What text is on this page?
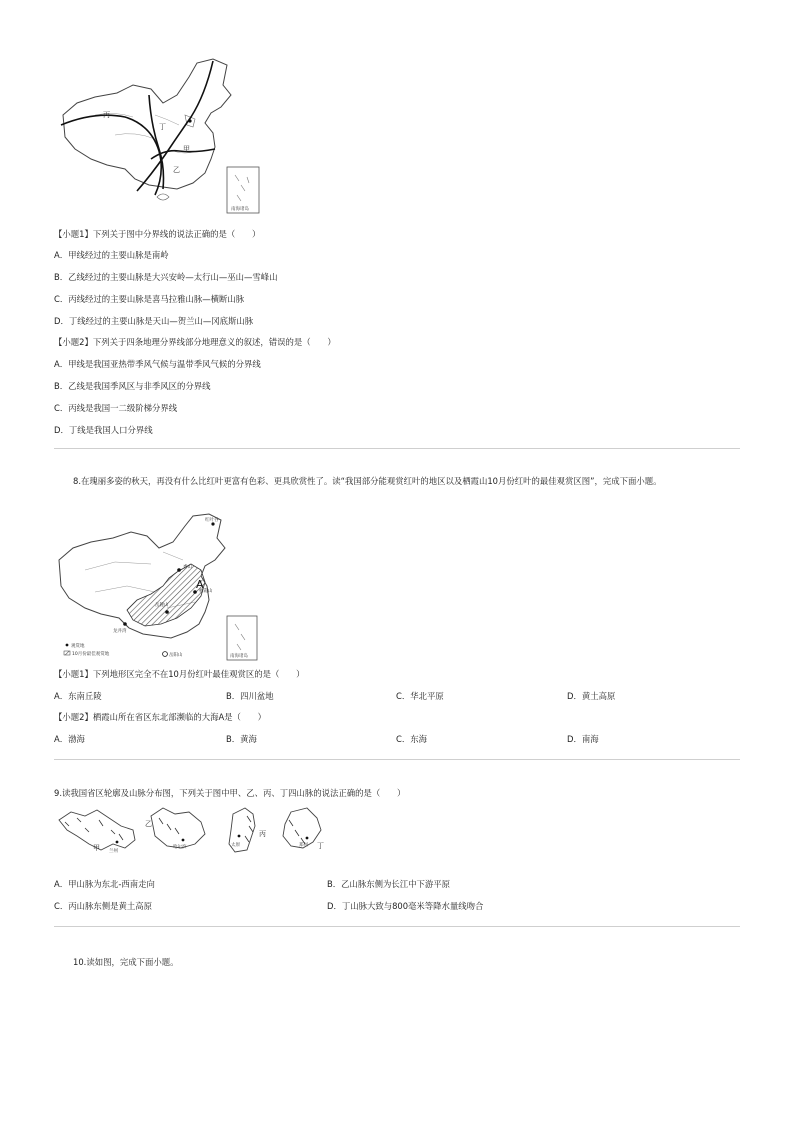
丙
丁
甲
乙
南海诸岛
【小题1】下列关于图中分界线的说法正确的是（　　）
A．甲线经过的主要山脉是南岭
B．乙线经过的主要山脉是大兴安岭—太行山—巫山—雪峰山
C．丙线经过的主要山脉是喜马拉雅山脉—横断山脉
D．丁线经过的主要山脉是天山—贺兰山—冈底斯山脉
【小题2】下列关于四条地理分界线部分地理意义的叙述，错误的是（　　）
A．甲线是我国亚热带季风气候与温带季风气候的分界线
B．乙线是我国季风区与非季风区的分界线
C．丙线是我国一二级阶梯分界线
D．丁线是我国人口分界线
8.在瑰丽多姿的秋天，再没有什么比红叶更富有色彩、更具欣赏性了。读“我国部分能观赏红叶的地区以及栖霞山10月份红叶的最佳观赏区图”，完成下面小题。
香山
栖霞山
岳麓山
龙井湾
红叶谷
岳阳山
A
观赏地
10月份最佳观赏地	南海诸岛
【小题1】下列地形区完全不在10月份红叶最佳观赏区的是（　　）
A．东南丘陵	B．四川盆地	C．华北平原	D．黄土高原
【小题2】栖霞山所在省区东北部濒临的大海A是（　　）
A．渤海	B．黄海	C．东海	D．南海
9.读我国省区轮廓及山脉分布图，下列关于图中甲、乙、丙、丁四山脉的说法正确的是（　　）
甲 兰州
乙
哈尔滨
丙
太原	丁
郑州
A．甲山脉为东北-西南走向	B．乙山脉东侧为长江中下游平原
C．丙山脉东侧是黄土高原	D．丁山脉大致与800毫米等降水量线吻合
10.读如图，完成下面小题。
